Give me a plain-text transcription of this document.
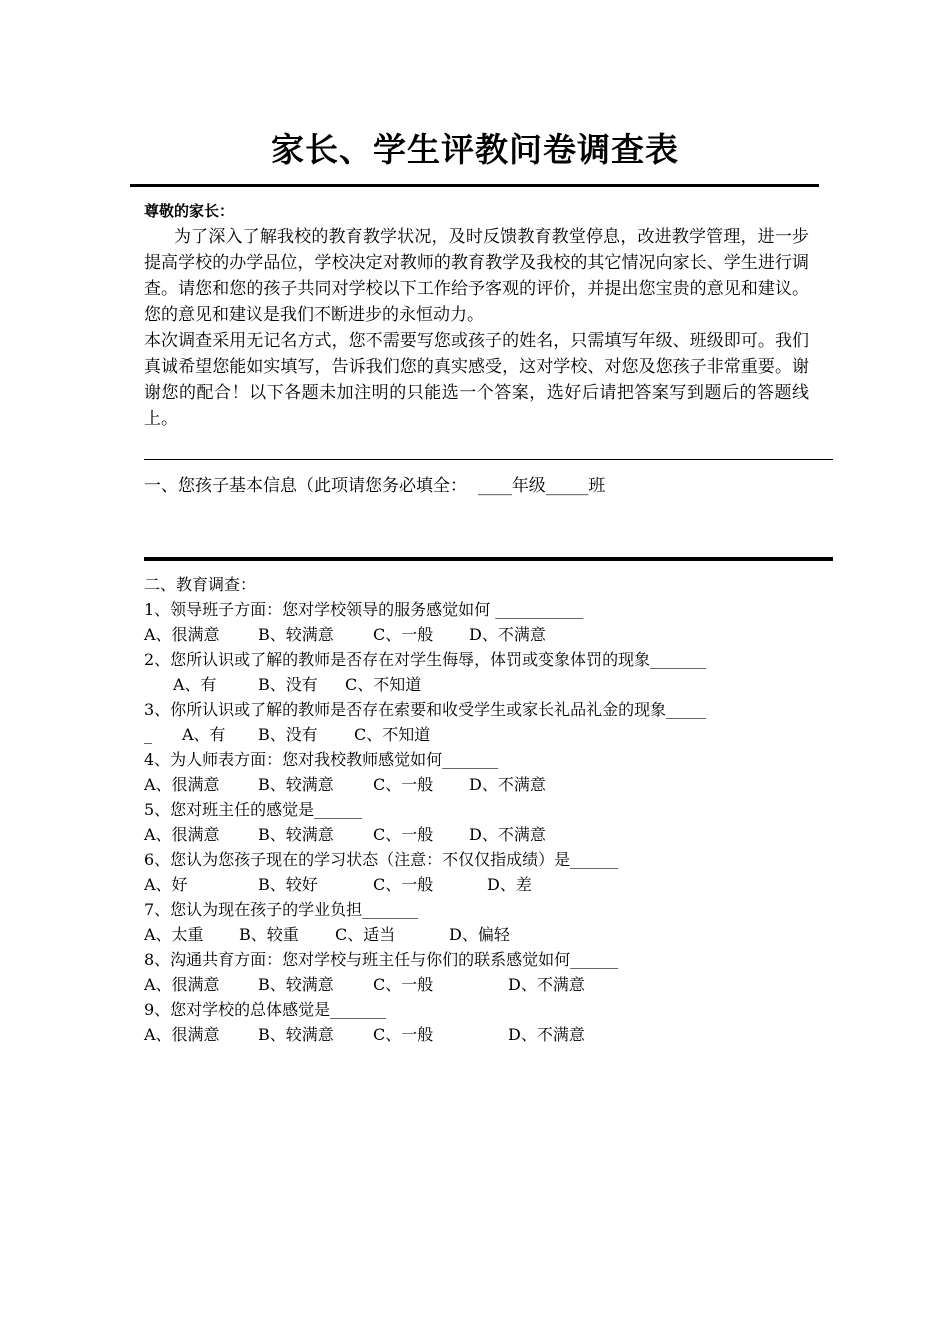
家长、学生评教问卷调查表

尊敬的家长：

为了深入了解我校的教育教学状况，及时反馈教育教堂停息，改进教学管理，进一步提高学校的办学品位，学校决定对教师的教育教学及我校的其它情况向家长、学生进行调查。请您和您的孩子共同对学校以下工作给予客观的评价，并提出您宝贵的意见和建议。您的意见和建议是我们不断进步的永恒动力。

本次调查采用无记名方式，您不需要写您或孩子的姓名，只需填写年级、班级即可。我们真诚希望您能如实填写，告诉我们您的真实感受，这对学校、对您及您孩子非常重要。谢谢您的配合！以下各题未加注明的只能选一个答案，选好后请把答案写到题后的答题线上。

一、您孩子基本信息（此项请您务必填全：  ____年级_____班
二、教育调查：
1、领导班子方面：您对学校领导的服务感觉如何 ___________
A、很满意 B、较满意 C、一般 D、不满意
2、您所认识或了解的教师是否存在对学生侮辱，体罚或变象体罚的现象_______
A、有	B、没有 C、不知道
3、你所认识或了解的教师是否存在索要和收受学生或家长礼品礼金的现象_____
_ A、有 B、没有 C、不知道
4、为人师表方面：您对我校教师感觉如何_______
A、很满意 B、较满意 C、一般 D、不满意
5、您对班主任的感觉是______
A、很满意 B、较满意 C、一般 D、不满意
6、您认为您孩子现在的学习状态（注意：不仅仅指成绩）是______
A、好	B、较好	C、一般	D、差
7、您认为现在孩子的学业负担_______
A、太重 B、较重 C、适当	D、偏轻
8、沟通共育方面：您对学校与班主任与你们的联系感觉如何______
A、很满意 B、较满意 C、一般	D、不满意
9、您对学校的总体感觉是_______
A、很满意 B、较满意 C、一般	D、不满意
